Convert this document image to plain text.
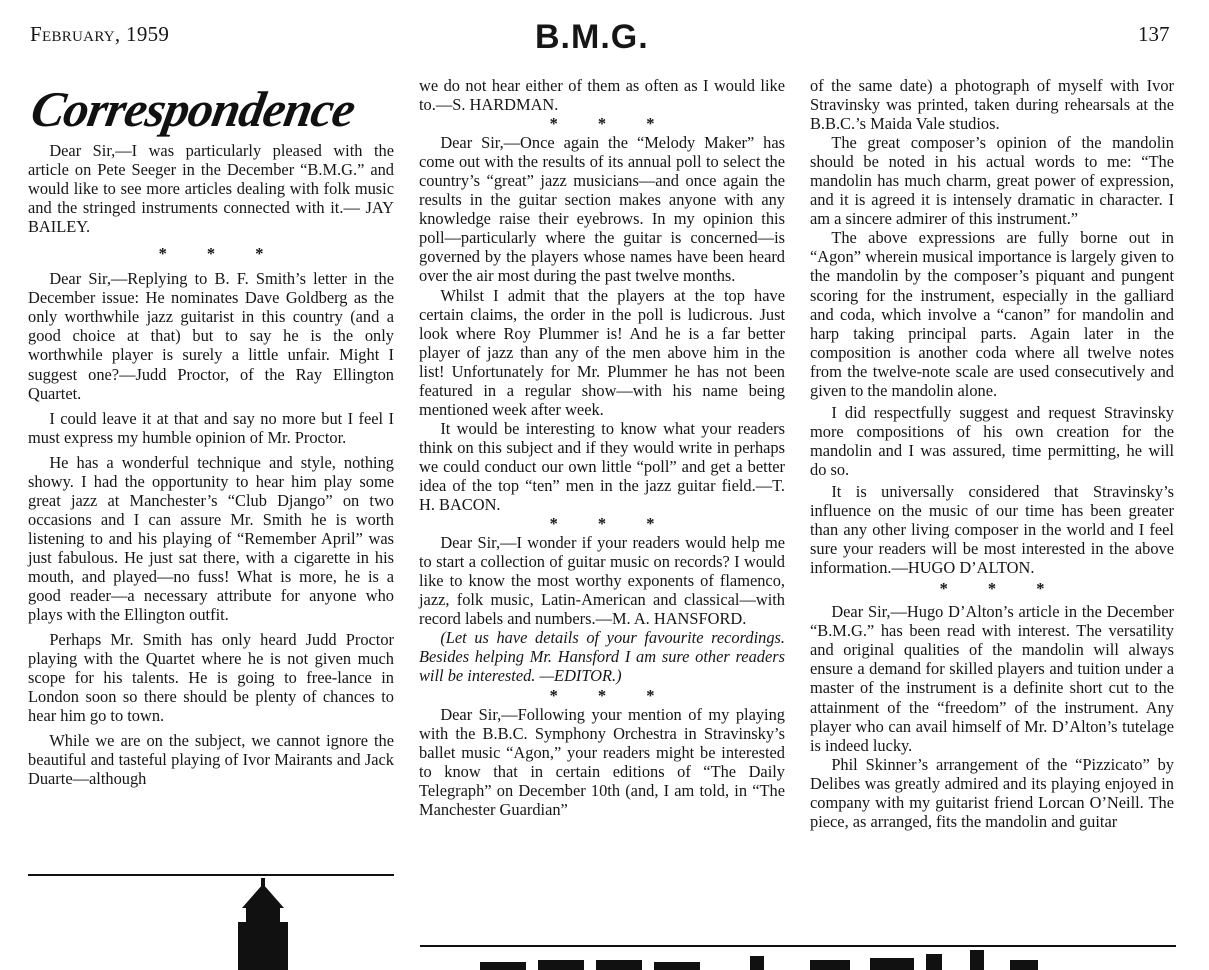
February, 1959	B.M.G.	137
Correspondence

Dear Sir,—I was particularly pleased with the article on Pete Seeger in the December “B.M.G.” and would like to see more articles dealing with folk music and the stringed instruments connected with it.— JAY BAILEY.

* * *

Dear Sir,—Replying to B. F. Smith’s letter in the December issue: He nominates Dave Goldberg as the only worthwhile jazz guitarist in this country (and a good choice at that) but to say he is the only worthwhile player is surely a little unfair. Might I suggest one?—Judd Proctor, of the Ray Ellington Quartet.

I could leave it at that and say no more but I feel I must express my humble opinion of Mr. Proctor.

He has a wonderful technique and style, nothing showy. I had the opportunity to hear him play some great jazz at Manchester’s “Club Django” on two occasions and I can assure Mr. Smith he is worth listening to and his playing of “Remember April” was just fabulous. He just sat there, with a cigarette in his mouth, and played—no fuss! What is more, he is a good reader—a necessary attribute for anyone who plays with the Ellington outfit.

Perhaps Mr. Smith has only heard Judd Proctor playing with the Quartet where he is not given much scope for his talents. He is going to free-lance in London soon so there should be plenty of chances to hear him go to town.

While we are on the subject, we cannot ignore the beautiful and tasteful playing of Ivor Mairants and Jack Duarte—although

we do not hear either of them as often as I would like to.—S. HARDMAN.

* * *

Dear Sir,—Once again the “Melody Maker” has come out with the results of its annual poll to select the country’s “great” jazz musicians—and once again the results in the guitar section makes anyone with any knowledge raise their eyebrows. In my opinion this poll—particularly where the guitar is concerned—is governed by the players whose names have been heard over the air most during the past twelve months.

Whilst I admit that the players at the top have certain claims, the order in the poll is ludicrous. Just look where Roy Plummer is! And he is a far better player of jazz than any of the men above him in the list! Unfortunately for Mr. Plummer he has not been featured in a regular show—with his name being mentioned week after week.

It would be interesting to know what your readers think on this subject and if they would write in perhaps we could conduct our own little “poll” and get a better idea of the top “ten” men in the jazz guitar field.—T. H. BACON.

* * *

Dear Sir,—I wonder if your readers would help me to start a collection of guitar music on records? I would like to know the most worthy exponents of flamenco, jazz, folk music, Latin-American and classical—with record labels and numbers.—M. A. HANSFORD.

(Let us have details of your favourite recordings. Besides helping Mr. Hansford I am sure other readers will be interested. —EDITOR.)

* * *

Dear Sir,—Following your mention of my playing with the B.B.C. Symphony Orchestra in Stravinsky’s ballet music “Agon,” your readers might be interested to know that in certain editions of “The Daily Telegraph” on December 10th (and, I am told, in “The Manchester Guardian”

of the same date) a photograph of myself with Ivor Stravinsky was printed, taken during rehearsals at the B.B.C.’s Maida Vale studios.

The great composer’s opinion of the mandolin should be noted in his actual words to me: “The mandolin has much charm, great power of expression, and it is agreed it is intensely dramatic in character. I am a sincere admirer of this instrument.”

The above expressions are fully borne out in “Agon” wherein musical importance is largely given to the mandolin by the composer’s piquant and pungent scoring for the instrument, especially in the galliard and coda, which involve a “canon” for mandolin and harp taking principal parts. Again later in the composition is another coda where all twelve notes from the twelve-note scale are used consecutively and given to the mandolin alone.

I did respectfully suggest and request Stravinsky more compositions of his own creation for the mandolin and I was assured, time permitting, he will do so.

It is universally considered that Stravinsky’s influence on the music of our time has been greater than any other living composer in the world and I feel sure your readers will be most interested in the above information.—HUGO D’ALTON.

* * *

Dear Sir,—Hugo D’Alton’s article in the December “B.M.G.” has been read with interest. The versatility and original qualities of the mandolin will always ensure a demand for skilled players and tuition under a master of the instrument is a definite short cut to the attainment of the “freedom” of the instrument. Any player who can avail himself of Mr. D’Alton’s tutelage is indeed lucky.

Phil Skinner’s arrangement of the “Pizzicato” by Delibes was greatly admired and its playing enjoyed in company with my guitarist friend Lorcan O’Neill. The piece, as arranged, fits the mandolin and guitar
